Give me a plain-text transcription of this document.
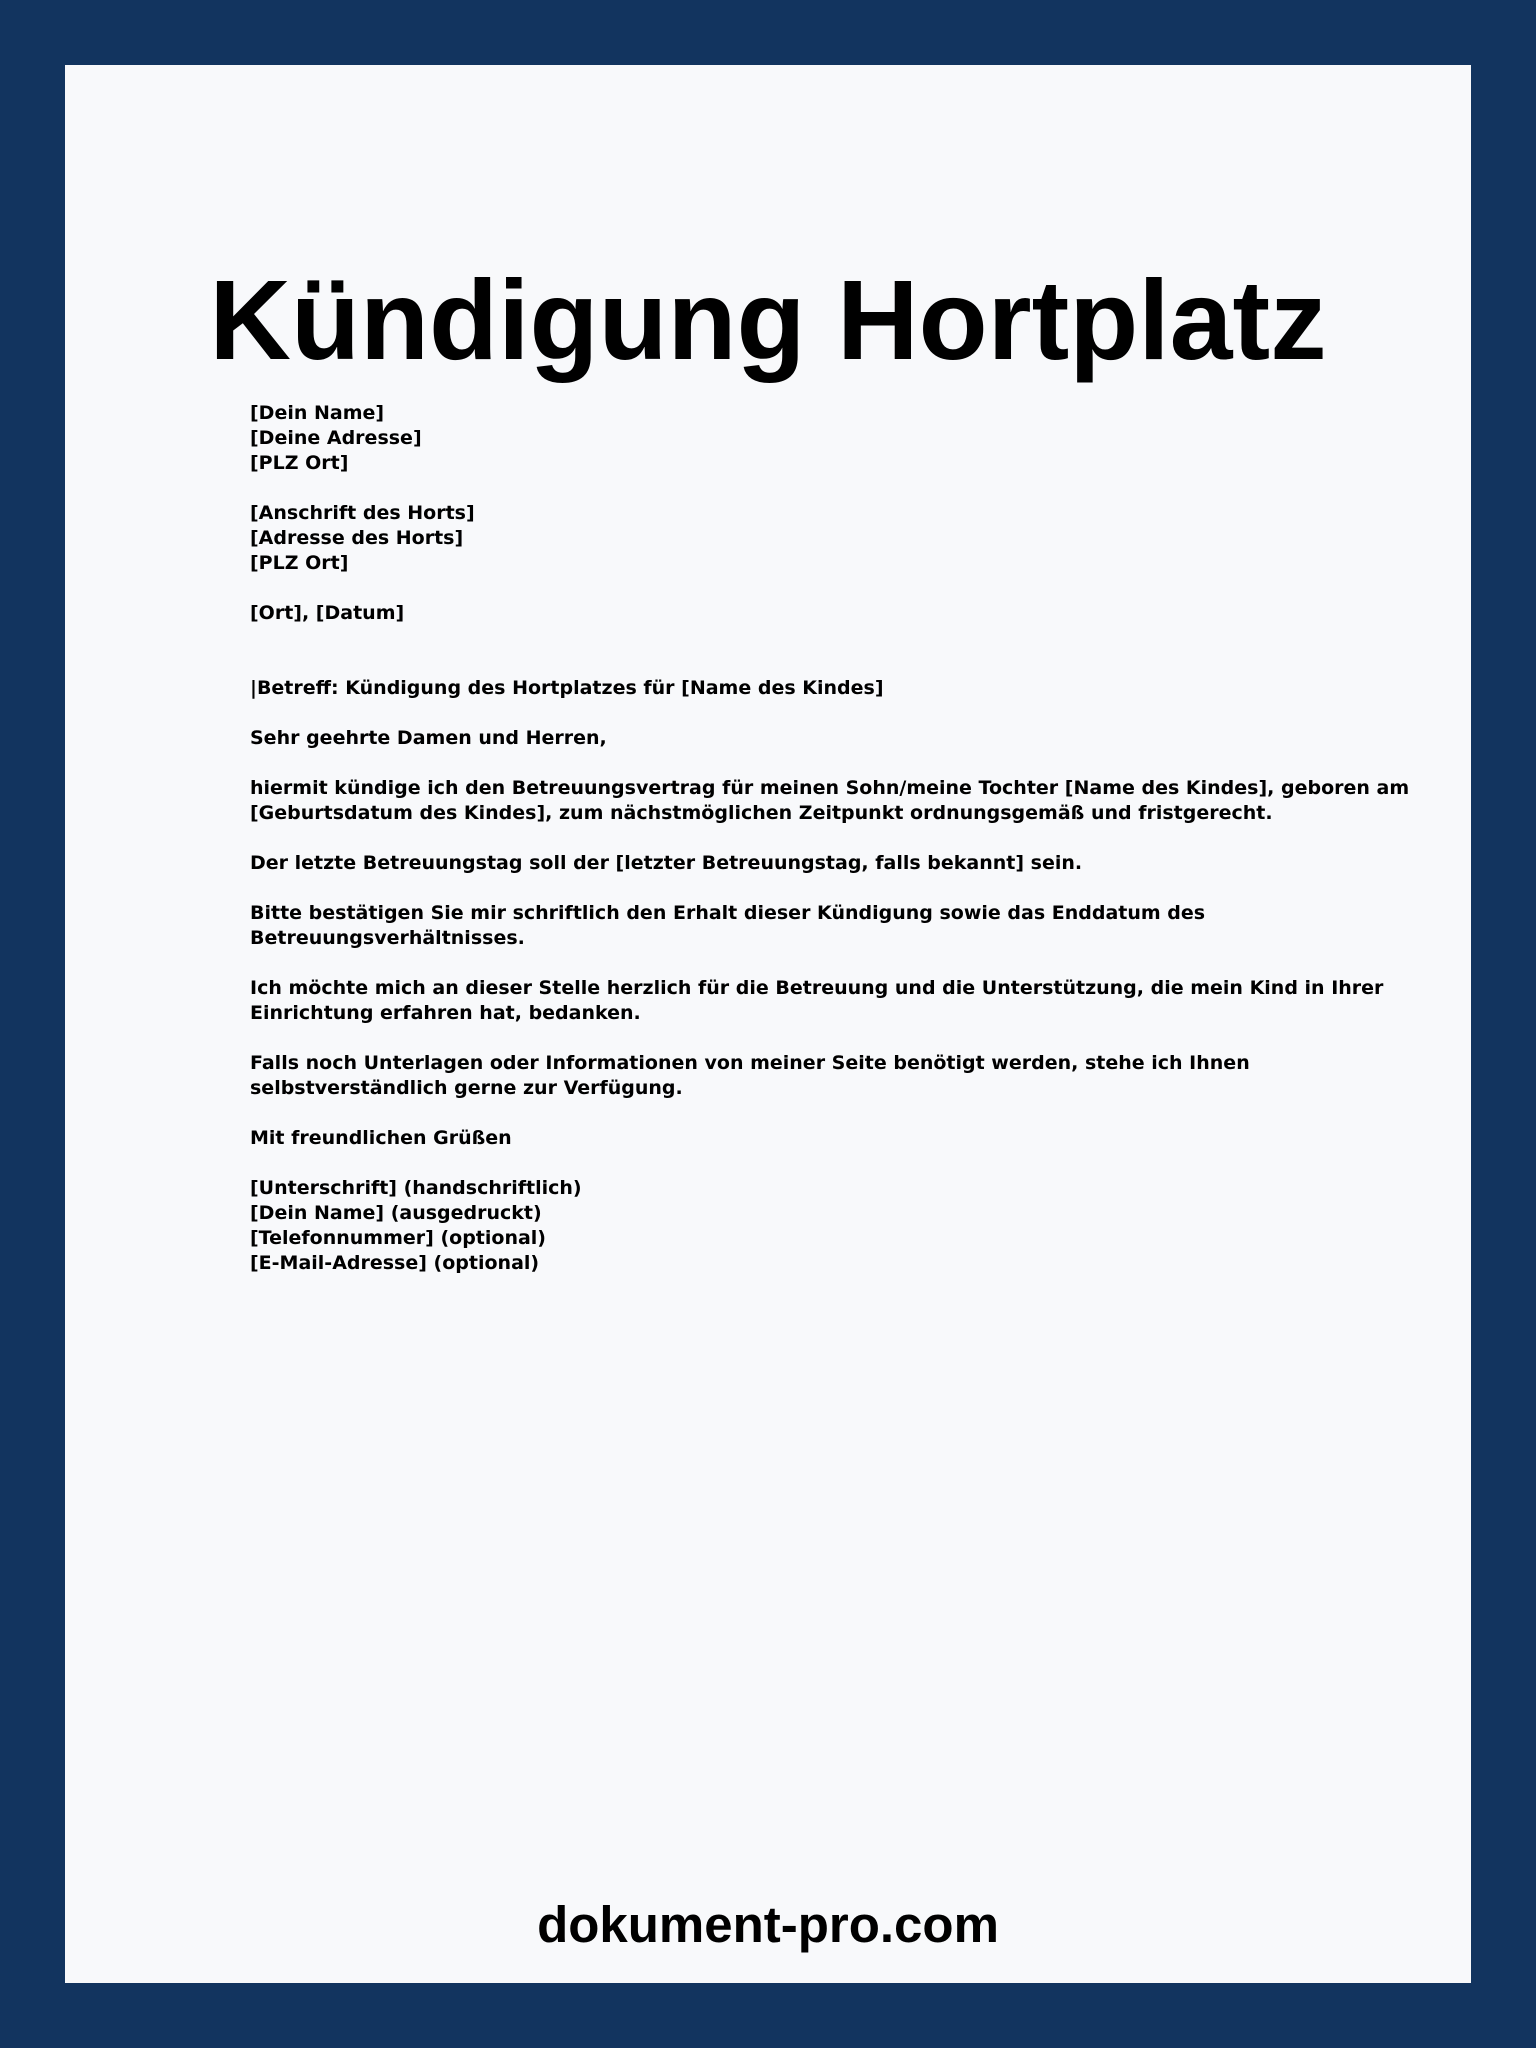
Kündigung Hortplatz
[Dein Name]
[Deine Adresse]
[PLZ Ort]
[Anschrift des Horts]
[Adresse des Horts]
[PLZ Ort]
[Ort], [Datum]
|Betreff: Kündigung des Hortplatzes für [Name des Kindes]
Sehr geehrte Damen und Herren,
hiermit kündige ich den Betreuungsvertrag für meinen Sohn/meine Tochter [Name des Kindes], geboren am
[Geburtsdatum des Kindes], zum nächstmöglichen Zeitpunkt ordnungsgemäß und fristgerecht.
Der letzte Betreuungstag soll der [letzter Betreuungstag, falls bekannt] sein.
Bitte bestätigen Sie mir schriftlich den Erhalt dieser Kündigung sowie das Enddatum des
Betreuungsverhältnisses.
Ich möchte mich an dieser Stelle herzlich für die Betreuung und die Unterstützung, die mein Kind in Ihrer
Einrichtung erfahren hat, bedanken.
Falls noch Unterlagen oder Informationen von meiner Seite benötigt werden, stehe ich Ihnen
selbstverständlich gerne zur Verfügung.
Mit freundlichen Grüßen
[Unterschrift] (handschriftlich)
[Dein Name] (ausgedruckt)
[Telefonnummer] (optional)
[E-Mail-Adresse] (optional)
dokument-pro.com
